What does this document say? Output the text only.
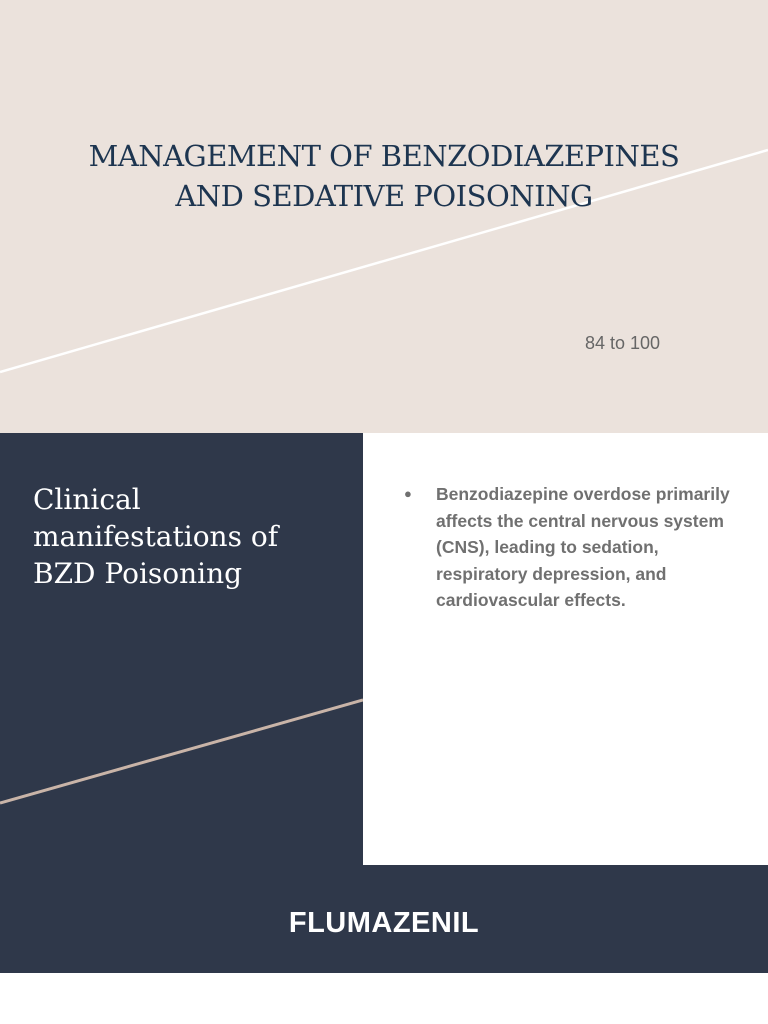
MANAGEMENT OF BENZODIAZEPINES
AND SEDATIVE POISONING
84 to 100
Clinical manifestations of BZD Poisoning
●	Benzodiazepine overdose primarily affects the central nervous system (CNS), leading to sedation, respiratory depression, and cardiovascular effects.
FLUMAZENIL
